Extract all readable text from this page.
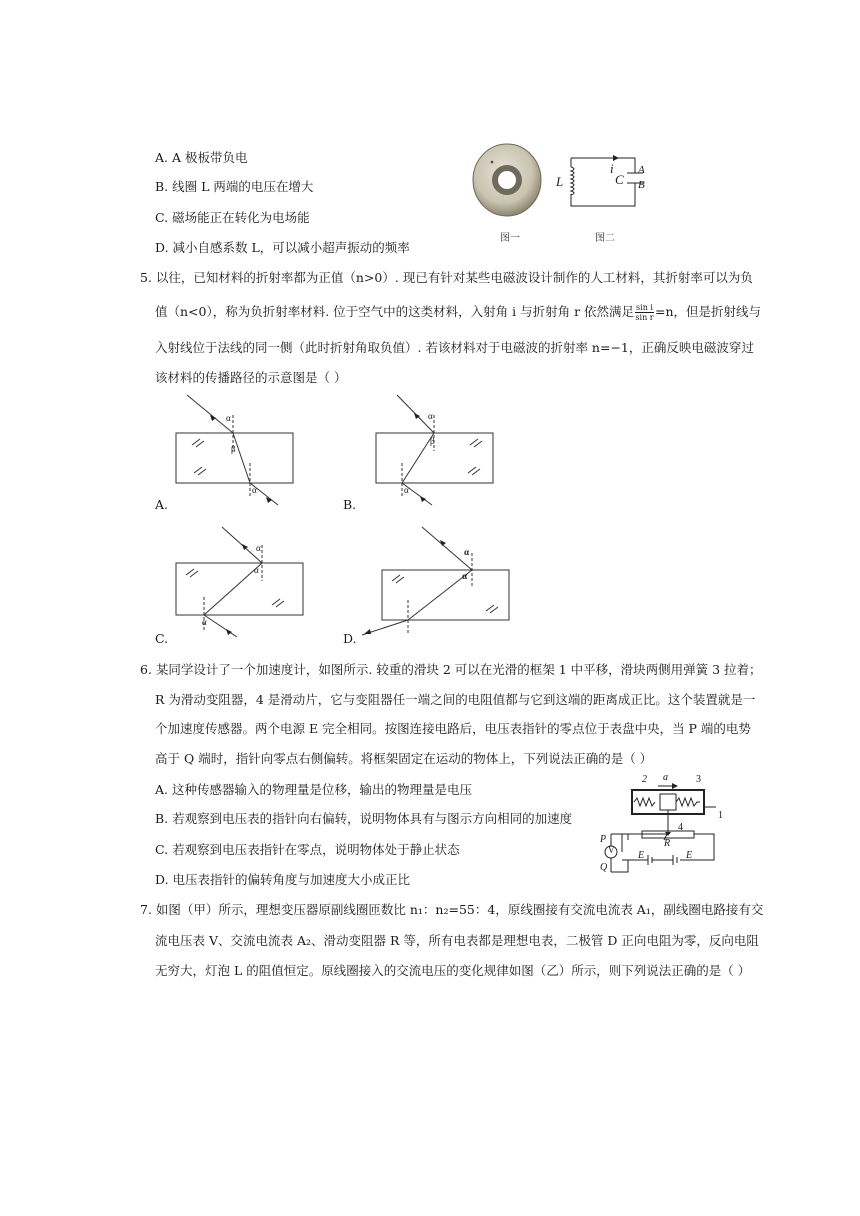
A. A 极板带负电
B. 线圈 L 两端的电压在增大
C. 磁场能正在转化为电场能
D. 减小自感系数 L，可以减小超声振动的频率
图一
L
i
C
A
B
图二
5. 以往，已知材料的折射率都为正值（n>0）. 现已有针对某些电磁波设计制作的人工材料，其折射率可以为负
值（n<0），称为负折射率材料. 位于空气中的这类材料，入射角 i 与折射角 r 依然满足 $\frac{\text{sin i}}{\text{sin r}} =n$，但是折射线与
入射线位于法线的同一侧（此时折射角取负值）. 若该材料对于电磁波的折射率 n=−1，正确反映电磁波穿过
该材料的传播路径的示意图是（ ）
α
β
α
A.
α
β
α
B.
α
α
α
C.
α
α
D.
6. 某同学设计了一个加速度计，如图所示. 较重的滑块 2 可以在光滑的框架 1 中平移，滑块两侧用弹簧 3 拉着；
R 为滑动变阻器，4 是滑动片，它与变阻器任一端之间的电阻值都与它到这端的距离成正比。这个装置就是一
个加速度传感器。两个电源 E 完全相同。按图连接电路后，电压表指针的零点位于表盘中央，当 P 端的电势
高于 Q 端时，指针向零点右侧偏转。将框架固定在运动的物体上，下列说法正确的是（ ）
A. 这种传感器输入的物理量是位移，输出的物理量是电压
B. 若观察到电压表的指针向右偏转，说明物体具有与图示方向相同的加速度
C. 若观察到电压表指针在零点，说明物体处于静止状态
D. 电压表指针的偏转角度与加速度大小成正比
2 a	3
1
4
R
P
V
Q
E	E
7. 如图（甲）所示，理想变压器原副线圈匝数比 n₁：n₂=55：4，原线圈接有交流电流表 A₁，副线圈电路接有交
流电压表 V、交流电流表 A₂、滑动变阻器 R 等，所有电表都是理想电表，二极管 D 正向电阻为零，反向电阻
无穷大，灯泡 L 的阻值恒定。原线圈接入的交流电压的变化规律如图（乙）所示，则下列说法正确的是（ ）
